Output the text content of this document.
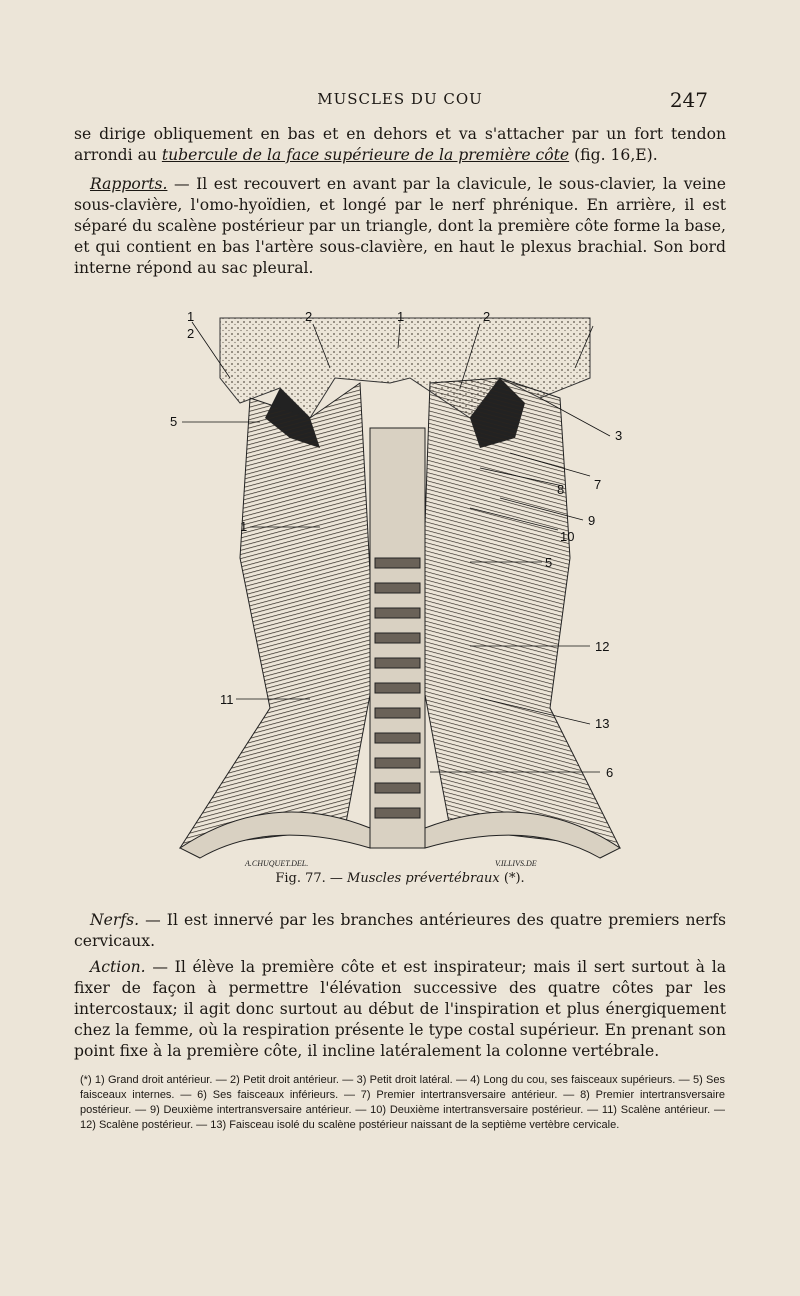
MUSCLES DU COU	247

se dirige obliquement en bas et en dehors et va s'attacher par un fort tendon arrondi au tubercule de la face supérieure de la première côte (fig. 16,E).

Rapports. — Il est recouvert en avant par la clavicule, le sous-clavier, la veine sous-clavière, l'omo-hyoïdien, et longé par le nerf phrénique. En arrière, il est séparé du scalène postérieur par un triangle, dont la première côte forme la base, et qui contient en bas l'artère sous-clavière, en haut le plexus brachial. Son bord interne répond au sac pleural.

1
2
2	1	2
5
3
8 7
9
10
5
1
12
11
13
6
A.CHUQUET.DEL.	V.ILLIVS.DE
Fig. 77. — Muscles prévertébraux (*).

Nerfs. — Il est innervé par les branches antérieures des quatre premiers nerfs cervicaux.

Action. — Il élève la première côte et est inspirateur; mais il sert surtout à la fixer de façon à permettre l'élévation successive des quatre côtes par les intercostaux; il agit donc surtout au début de l'inspiration et plus énergiquement chez la femme, où la respiration présente le type costal supérieur. En prenant son point fixe à la première côte, il incline latéralement la colonne vertébrale.

(*) 1) Grand droit antérieur. — 2) Petit droit antérieur. — 3) Petit droit latéral. — 4) Long du cou, ses faisceaux supérieurs. — 5) Ses faisceaux internes. — 6) Ses faisceaux inférieurs. — 7) Premier intertransversaire antérieur. — 8) Premier intertransversaire postérieur. — 9) Deuxième intertransversaire antérieur. — 10) Deuxième intertransversaire postérieur. — 11) Scalène antérieur. — 12) Scalène postérieur. — 13) Faisceau isolé du scalène postérieur naissant de la septième vertèbre cervicale.
